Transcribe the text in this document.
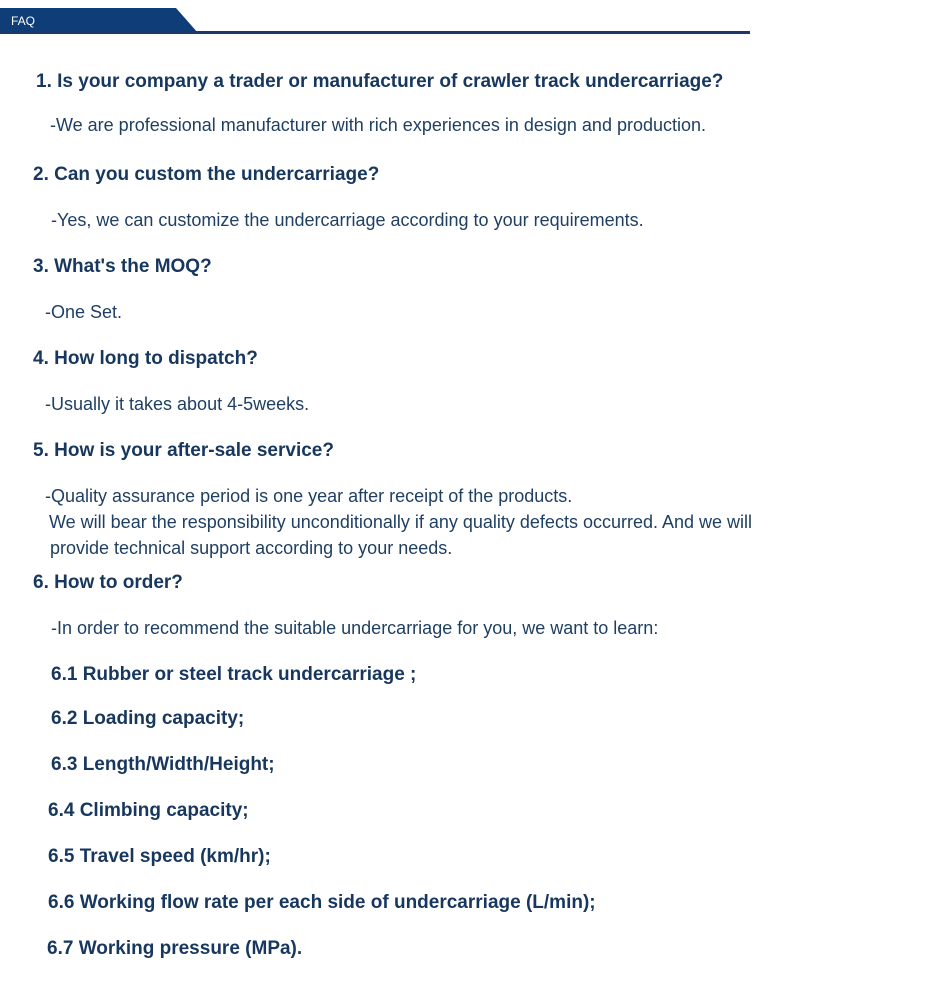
FAQ
1. Is your company a trader or manufacturer of crawler track undercarriage?
-We are professional manufacturer with rich experiences in design and production.
2. Can you custom the undercarriage?
-Yes, we can customize the undercarriage according to your requirements.
3. What's the MOQ?
-One Set.
4. How long to dispatch?
-Usually it takes about 4-5weeks.
5. How is your after-sale service?
-Quality assurance period is one year after receipt of the products.
We will bear the responsibility unconditionally if any quality defects occurred. And we will
provide technical support according to your needs.
6. How to order?
-In order to recommend the suitable undercarriage for you, we want to learn:
6.1 Rubber or steel track undercarriage ;
6.2 Loading capacity;
6.3 Length/Width/Height;
6.4 Climbing capacity;
6.5 Travel speed (km/hr);
6.6 Working flow rate per each side of undercarriage (L/min);
6.7 Working pressure (MPa).
